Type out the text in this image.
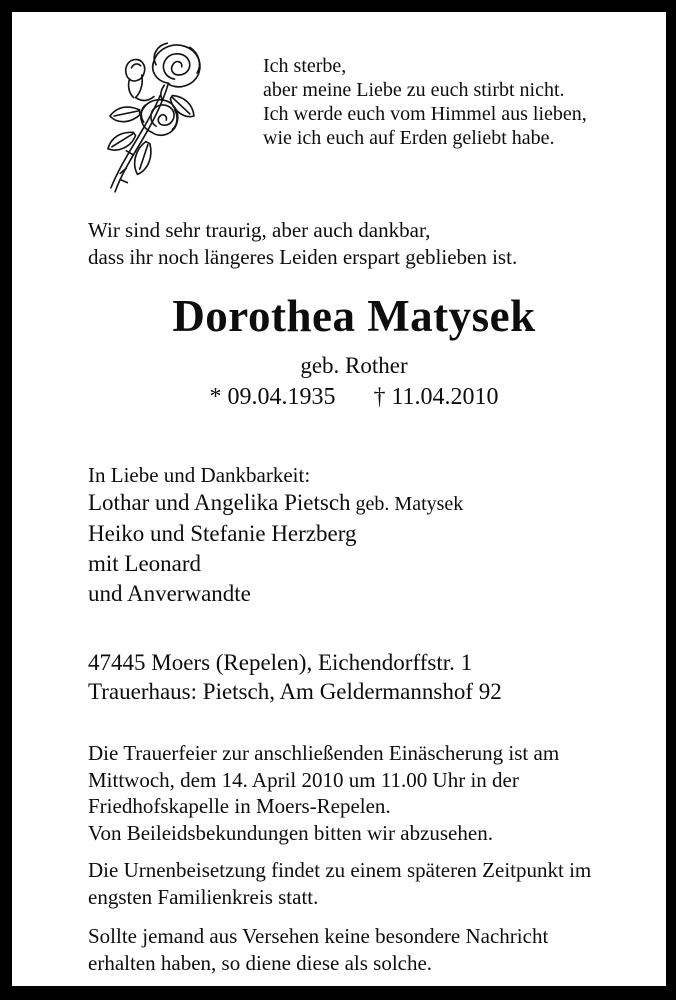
Ich sterbe,
aber meine Liebe zu euch stirbt nicht.
Ich werde euch vom Himmel aus lieben,
wie ich euch auf Erden geliebt habe.
Wir sind sehr traurig, aber auch dankbar,
dass ihr noch längeres Leiden erspart geblieben ist.
Dorothea Matysek
geb. Rother
* 09.04.1935 † 11.04.2010
In Liebe und Dankbarkeit:
Lothar und Angelika Pietsch geb. Matysek
Heiko und Stefanie Herzberg
mit Leonard
und Anverwandte
47445 Moers (Repelen), Eichendorffstr. 1
Trauerhaus: Pietsch, Am Geldermannshof 92
Die Trauerfeier zur anschließenden Einäscherung ist am
Mittwoch, dem 14. April 2010 um 11.00 Uhr in der
Friedhofskapelle in Moers-Repelen.
Von Beileidsbekundungen bitten wir abzusehen.
Die Urnenbeisetzung findet zu einem späteren Zeitpunkt im
engsten Familienkreis statt.
Sollte jemand aus Versehen keine besondere Nachricht
erhalten haben, so diene diese als solche.
